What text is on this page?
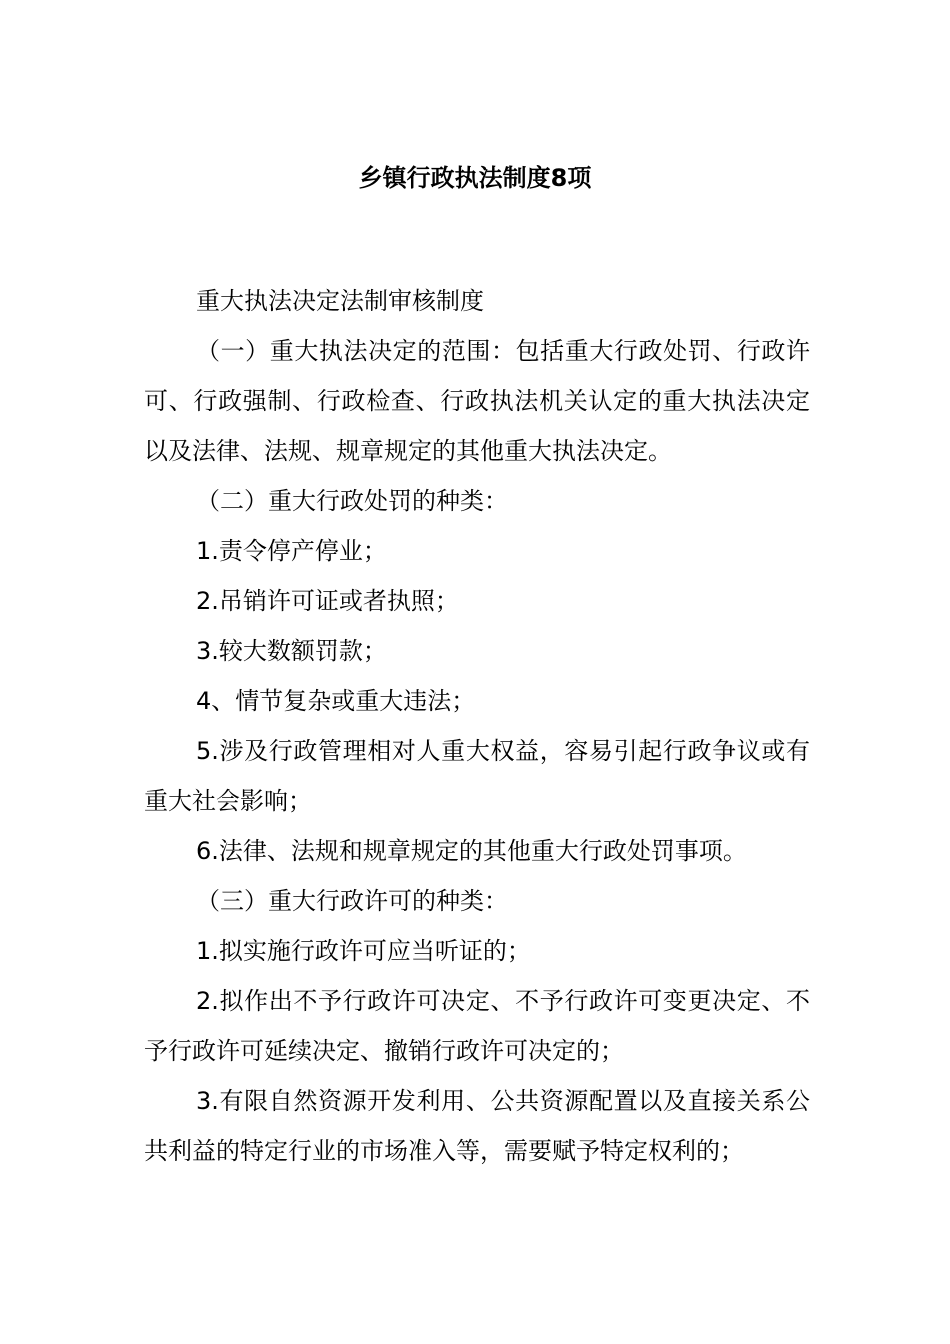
乡镇行政执法制度8项

重大执法决定法制审核制度

（一）重大执法决定的范围：包括重大行政处罚、行政许可、行政强制、行政检查、行政执法机关认定的重大执法决定以及法律、法规、规章规定的其他重大执法决定。

（二）重大行政处罚的种类：

1.责令停产停业；

2.吊销许可证或者执照；

3.较大数额罚款；

4、情节复杂或重大违法；

5.涉及行政管理相对人重大权益，容易引起行政争议或有重大社会影响；

6.法律、法规和规章规定的其他重大行政处罚事项。

（三）重大行政许可的种类：

1.拟实施行政许可应当听证的；

2.拟作出不予行政许可决定、不予行政许可变更决定、不予行政许可延续决定、撤销行政许可决定的；

3.有限自然资源开发利用、公共资源配置以及直接关系公共利益的特定行业的市场准入等，需要赋予特定权利的；
